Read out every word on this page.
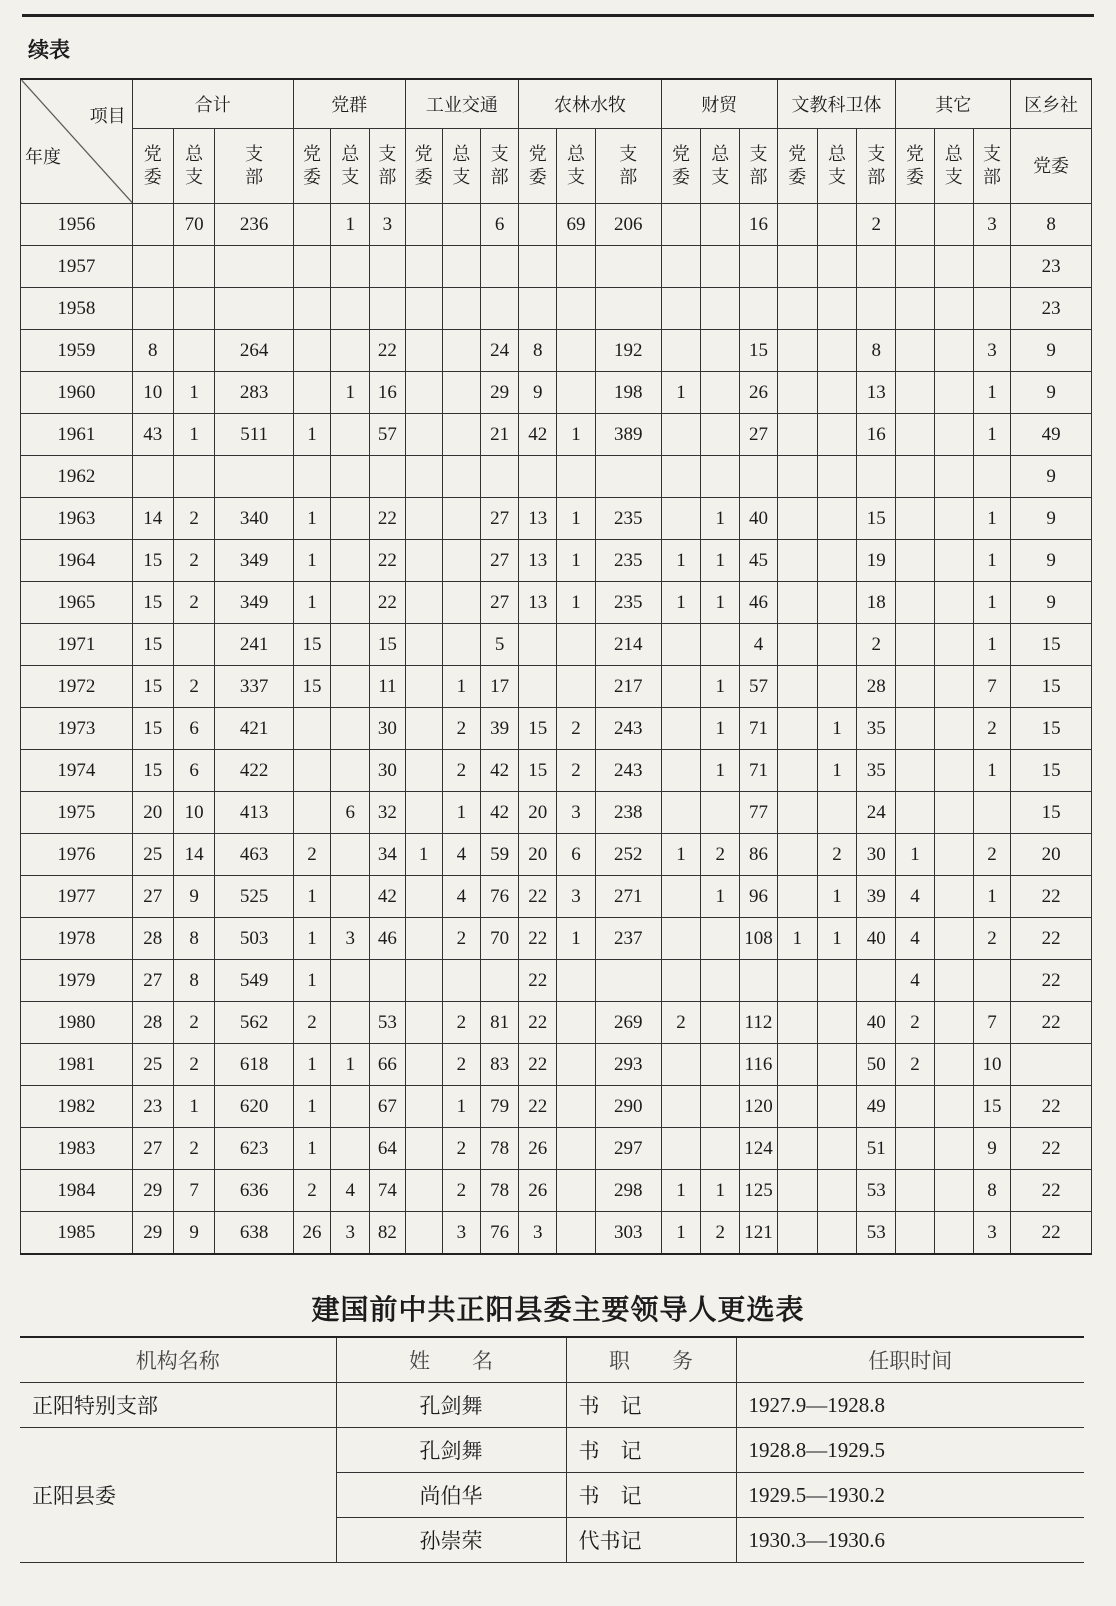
续表
项目
年度	合计			党群			工业交通			农林水牧			财贸			文教科卫体			其它			区乡社
	党委	总支	支部	党委	总支	支部	党委	总支	支部	党委	总支	支部	党委	总支	支部	党委	总支	支部	党委	总支	支部	党委
1956		70	236		1	3			6		69	206			16			2			3	8
1957																						23
1958																						23
1959	8		264			22			24	8		192			15			8			3	9
1960	10	1	283		1	16			29	9		198	1		26			13			1	9
1961	43	1	511	1		57			21	42	1	389			27			16			1	49
1962																						9
1963	14	2	340	1		22			27	13	1	235		1	40			15			1	9
1964	15	2	349	1		22			27	13	1	235	1	1	45			19			1	9
1965	15	2	349	1		22			27	13	1	235	1	1	46			18			1	9
1971	15		241	15		15			5			214			4			2			1	15
1972	15	2	337	15		11		1	17			217		1	57			28			7	15
1973	15	6	421			30		2	39	15	2	243		1	71		1	35			2	15
1974	15	6	422			30		2	42	15	2	243		1	71		1	35			1	15
1975	20	10	413		6	32		1	42	20	3	238			77			24				15
1976	25	14	463	2		34	1	4	59	20	6	252	1	2	86		2	30	1		2	20
1977	27	9	525	1		42		4	76	22	3	271		1	96		1	39	4		1	22
1978	28	8	503	1	3	46		2	70	22	1	237			108	1	1	40	4		2	22
1979	27	8	549	1						22									4			22
1980	28	2	562	2		53		2	81	22		269	2		112			40	2		7	22
1981	25	2	618	1	1	66		2	83	22		293			116			50	2		10	
1982	23	1	620	1		67		1	79	22		290			120			49			15	22
1983	27	2	623	1		64		2	78	26		297			124			51			9	22
1984	29	7	636	2	4	74		2	78	26		298	1	1	125			53			8	22
1985	29	9	638	26	3	82		3	76	3		303	1	2	121			53			3	22
建国前中共正阳县委主要领导人更选表
机构名称	姓　　名	职　　务	任职时间
正阳特别支部	孔剑舞	书　记	1927.9—1928.8
正阳县委	孔剑舞	书　记	1928.8—1929.5
	尚伯华	书　记	1929.5—1930.2
	孙崇荣	代书记	1930.3—1930.6
